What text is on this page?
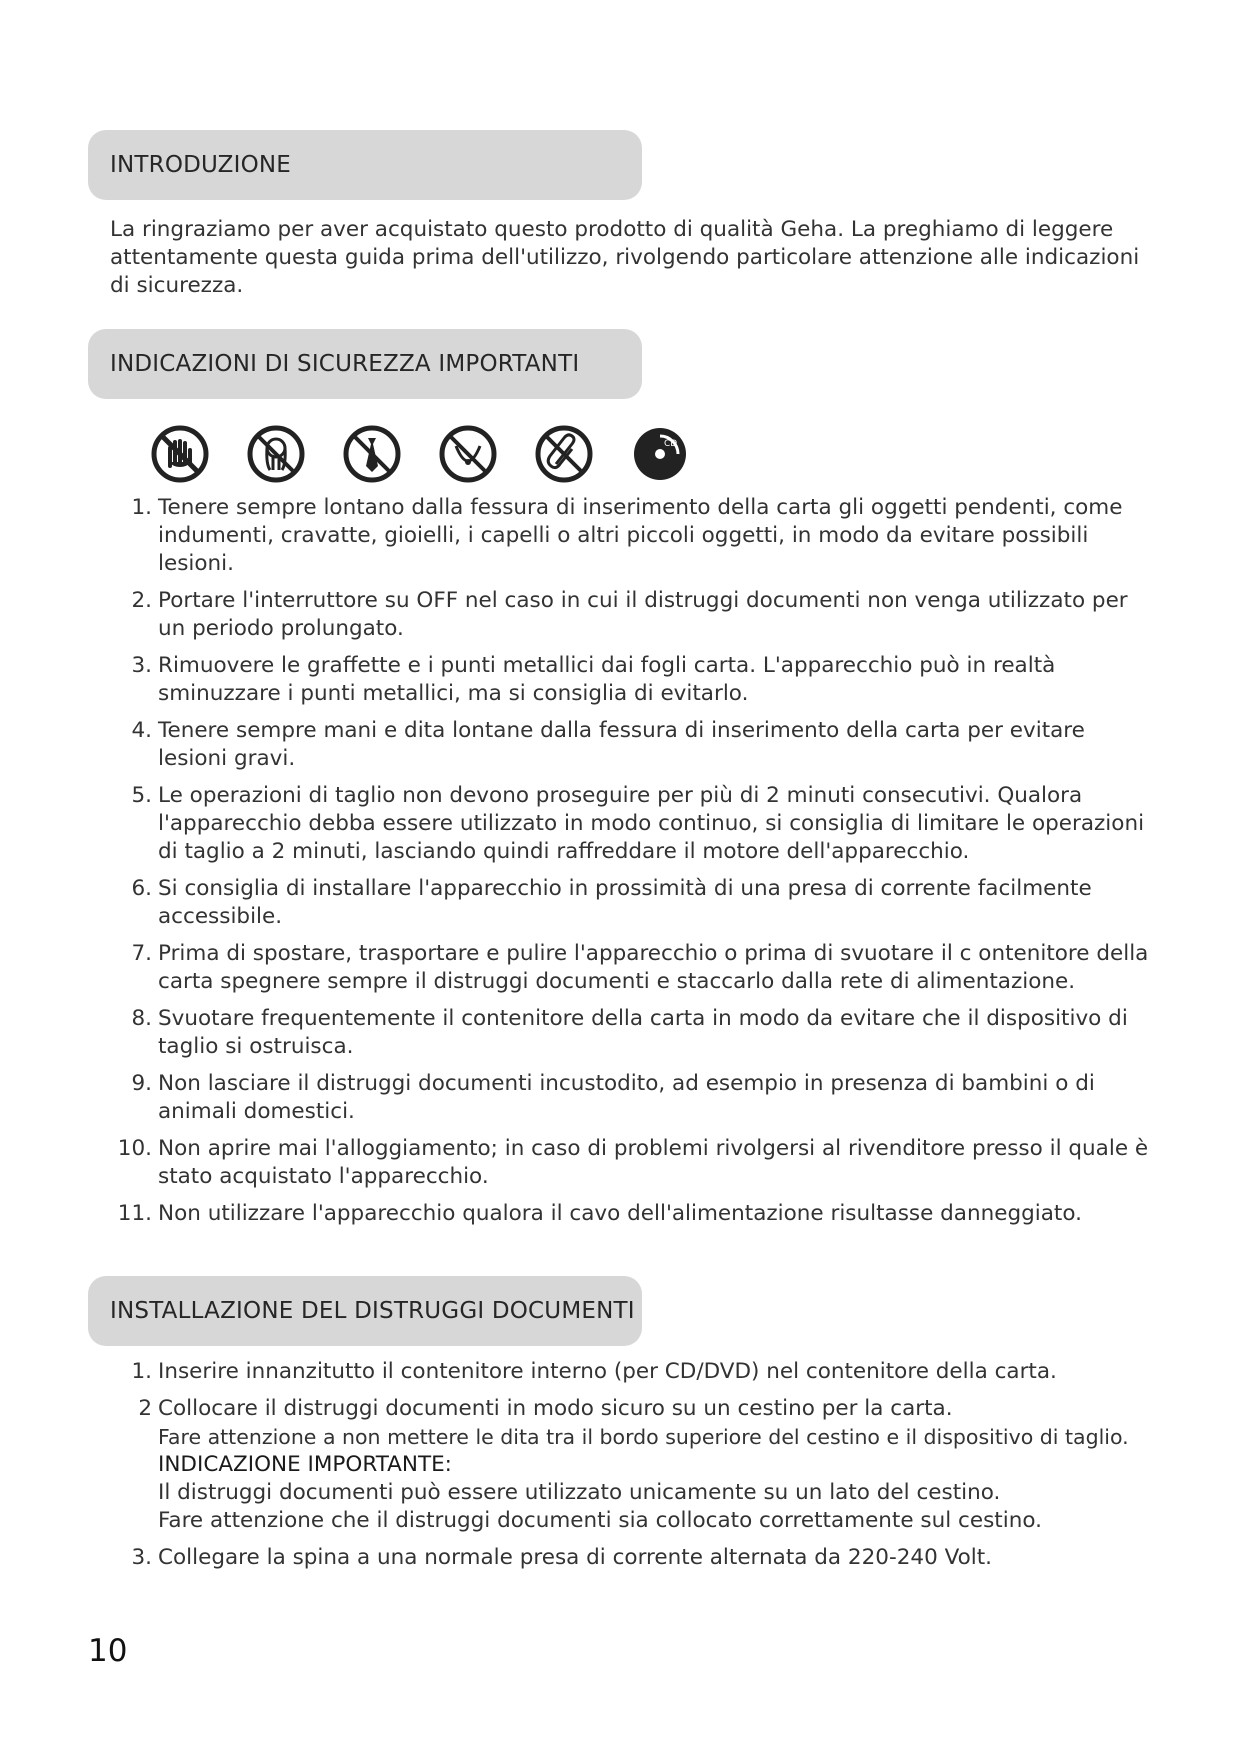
INTRODUZIONE
La ringraziamo per aver acquistato questo prodotto di qualità Geha. La preghiamo di leggere attentamente questa guida prima dell'utilizzo, rivolgendo particolare attenzione alle indicazioni di sicurezza.
INDICAZIONI DI SICUREZZA IMPORTANTI
CD
1. Tenere sempre lontano dalla fessura di inserimento della carta gli oggetti pendenti, come indumenti, cravatte, gioielli, i capelli o altri piccoli oggetti, in modo da evitare possibili lesioni.
2. Portare l'interruttore su OFF nel caso in cui il distruggi documenti non venga utilizzato per un periodo prolungato.
3. Rimuovere le graffette e i punti metallici dai fogli carta. L'apparecchio può in realtà sminuzzare i punti metallici, ma si consiglia di evitarlo.
4. Tenere sempre mani e dita lontane dalla fessura di inserimento della carta per evitare lesioni gravi.
5. Le operazioni di taglio non devono proseguire per più di 2 minuti consecutivi. Qualora l'apparecchio debba essere utilizzato in modo continuo, si consiglia di limitare le operazioni di taglio a 2 minuti, lasciando quindi raffreddare il motore dell'apparecchio.
6. Si consiglia di installare l'apparecchio in prossimità di una presa di corrente facilmente accessibile.
7. Prima di spostare, trasportare e pulire l'apparecchio o prima di svuotare il c ontenitore della carta spegnere sempre il distruggi documenti e staccarlo dalla rete di alimentazione.
8. Svuotare frequentemente il contenitore della carta in modo da evitare che il dispositivo di taglio si ostruisca.
9. Non lasciare il distruggi documenti incustodito, ad esempio in presenza di bambini o di animali domestici.
10. Non aprire mai l'alloggiamento; in caso di problemi rivolgersi al rivenditore presso il quale è stato acquistato l'apparecchio.
11. Non utilizzare l'apparecchio qualora il cavo dell'alimentazione risultasse danneggiato.
INSTALLAZIONE DEL DISTRUGGI DOCUMENTI
1. Inserire innanzitutto il contenitore interno (per CD/DVD) nel contenitore della carta.
2 Collocare il distruggi documenti in modo sicuro su un cestino per la carta.
Fare attenzione a non mettere le dita tra il bordo superiore del cestino e il dispositivo di taglio.
INDICAZIONE IMPORTANTE:
Il distruggi documenti può essere utilizzato unicamente su un lato del cestino.
Fare attenzione che il distruggi documenti sia collocato correttamente sul cestino.
3. Collegare la spina a una normale presa di corrente alternata da 220-240 Volt.
10
